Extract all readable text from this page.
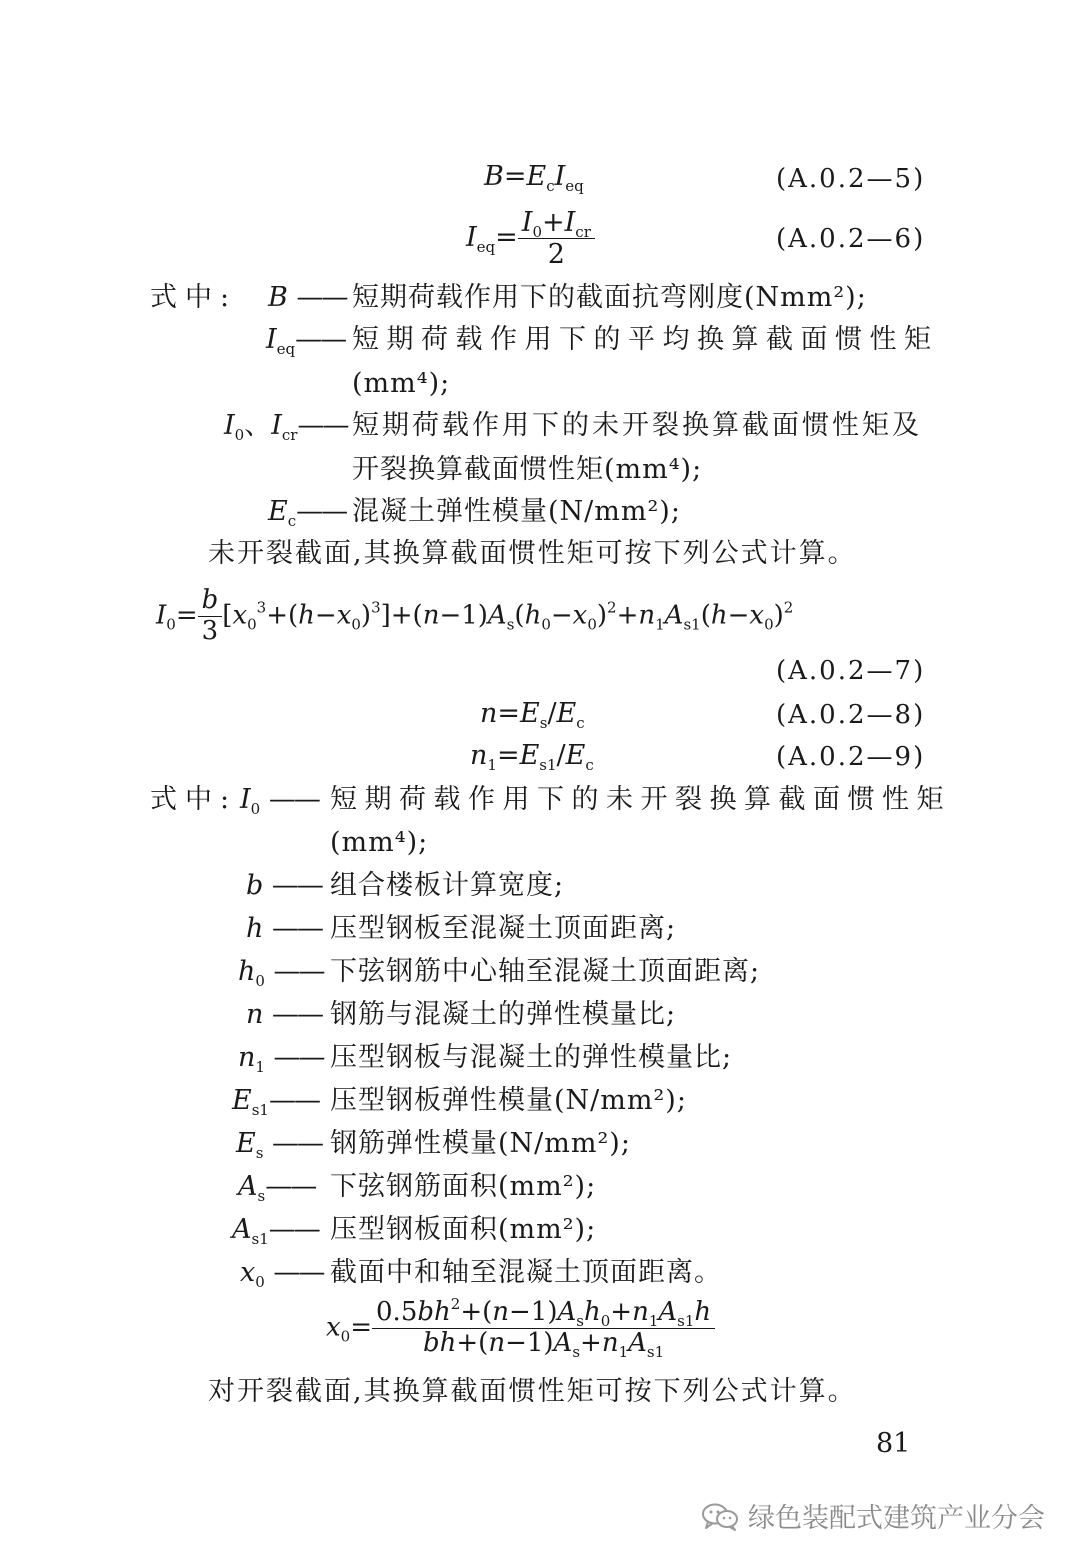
$B=E_cI_{eq}$	(A.0.2—5)
$I_{eq}= \frac{I_0+I_{cr}}{2}$	(A.0.2—6)
式中: B —— 短期荷载作用下的截面抗弯刚度(Nmm²);
$I_{eq}——$ 短期荷载作用下的平均换算截面惯性矩
(mm⁴);
$I_0$、$I_{cr}——$ 短期荷载作用下的未开裂换算截面惯性矩及
开裂换算截面惯性矩(mm⁴);
$E_c——$ 混凝土弹性模量(N/mm²);
未开裂截面,其换算截面惯性矩可按下列公式计算。
$I_0= \frac{b}{3} [x_0^3+(h-x_0)^3]+(n-1)A_s(h_0-x_0)^2+n_1A_{s1}(h-x_0)^2$
(A.0.2—7)
$n=E_s/E_c$	(A.0.2—8)
$n_1=E_{s1}/E_c$	(A.0.2—9)
式中: $I_0$ —— 短期荷载作用下的未开裂换算截面惯性矩
(mm⁴);
b —— 组合楼板计算宽度;
h —— 压型钢板至混凝土顶面距离;
$h_0$ —— 下弦钢筋中心轴至混凝土顶面距离;
n —— 钢筋与混凝土的弹性模量比;
$n_1$ —— 压型钢板与混凝土的弹性模量比;
$E_{s1}——$ 压型钢板弹性模量(N/mm²);
$E_s$ —— 钢筋弹性模量(N/mm²);
$A_s——$ 下弦钢筋面积(mm²);
$A_{s1}——$ 压型钢板面积(mm²);
$x_0$ —— 截面中和轴至混凝土顶面距离。
$x_0= \frac{0.5bh^2+(n-1)A_sh_0+n_1A_{s1}h}{bh+(n-1)A_s+n_1A_{s1}}$
对开裂截面,其换算截面惯性矩可按下列公式计算。
81
绿色装配式建筑产业分会
